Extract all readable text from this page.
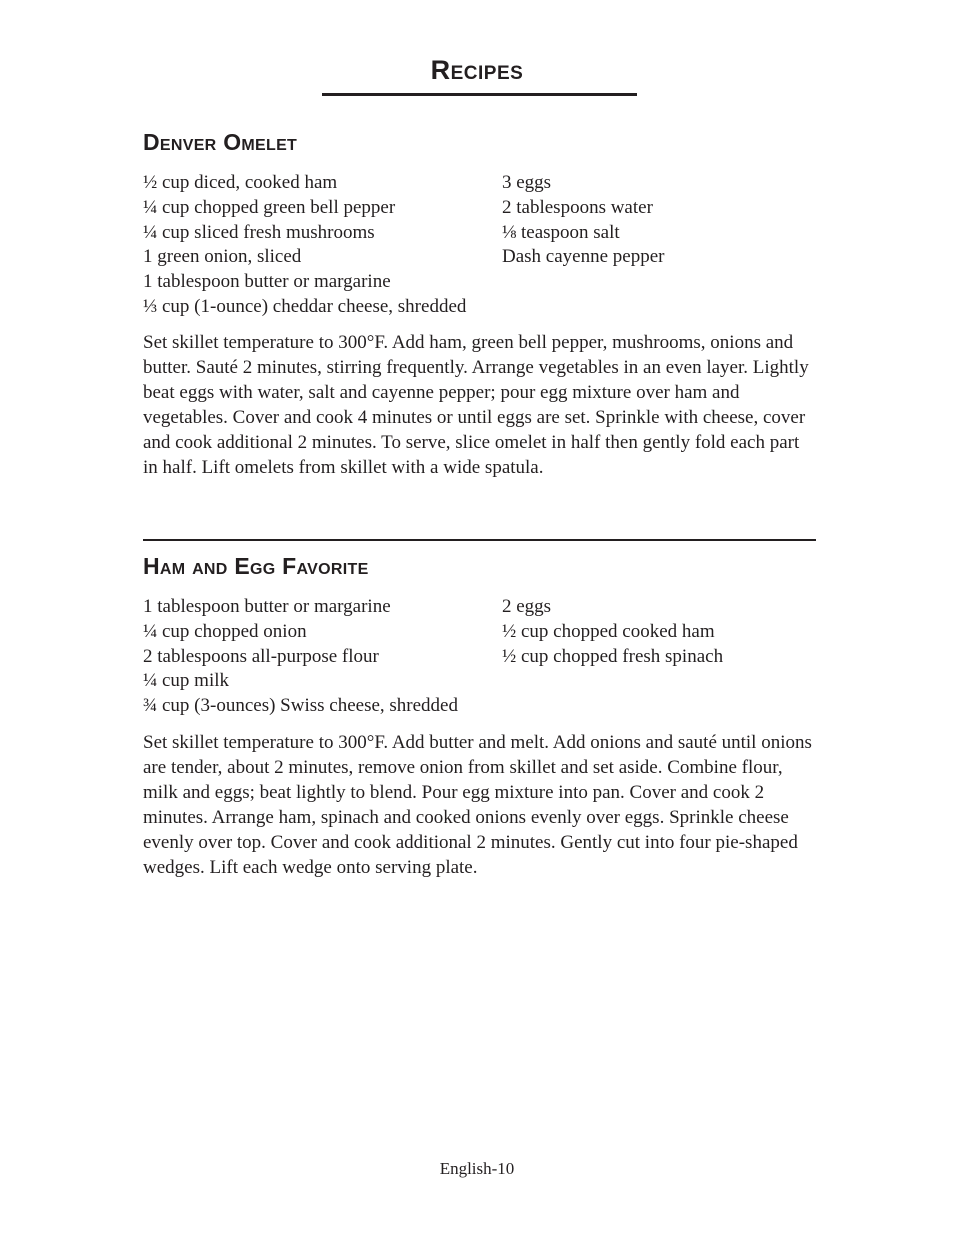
Recipes
Denver Omelet
½ cup diced, cooked ham
¼ cup chopped green bell pepper
¼ cup sliced fresh mushrooms
1 green onion, sliced
1 tablespoon butter or margarine
⅓ cup (1-ounce) cheddar cheese, shredded
3 eggs
2 tablespoons water
⅛ teaspoon salt
Dash cayenne pepper

Set skillet temperature to 300°F. Add ham, green bell pepper, mushrooms, onions and butter. Sauté 2 minutes, stirring frequently. Arrange vegetables in an even layer. Lightly beat eggs with water, salt and cayenne pepper; pour egg mixture over ham and vegetables. Cover and cook 4 minutes or until eggs are set. Sprinkle with cheese, cover and cook additional 2 minutes. To serve, slice omelet in half then gently fold each part in half. Lift omelets from skillet with a wide spatula.

Ham and Egg Favorite
1 tablespoon butter or margarine
¼ cup chopped onion
2 tablespoons all-purpose flour
¼ cup milk
¾ cup (3-ounces) Swiss cheese, shredded
2 eggs
½ cup chopped cooked ham
½ cup chopped fresh spinach

Set skillet temperature to 300°F. Add butter and melt. Add onions and sauté until onions are tender, about 2 minutes, remove onion from skillet and set aside. Combine flour, milk and eggs; beat lightly to blend. Pour egg mixture into pan. Cover and cook 2 minutes. Arrange ham, spinach and cooked onions evenly over eggs. Sprinkle cheese evenly over top. Cover and cook additional 2 minutes. Gently cut into four pie-shaped wedges. Lift each wedge onto serving plate.

English-10
